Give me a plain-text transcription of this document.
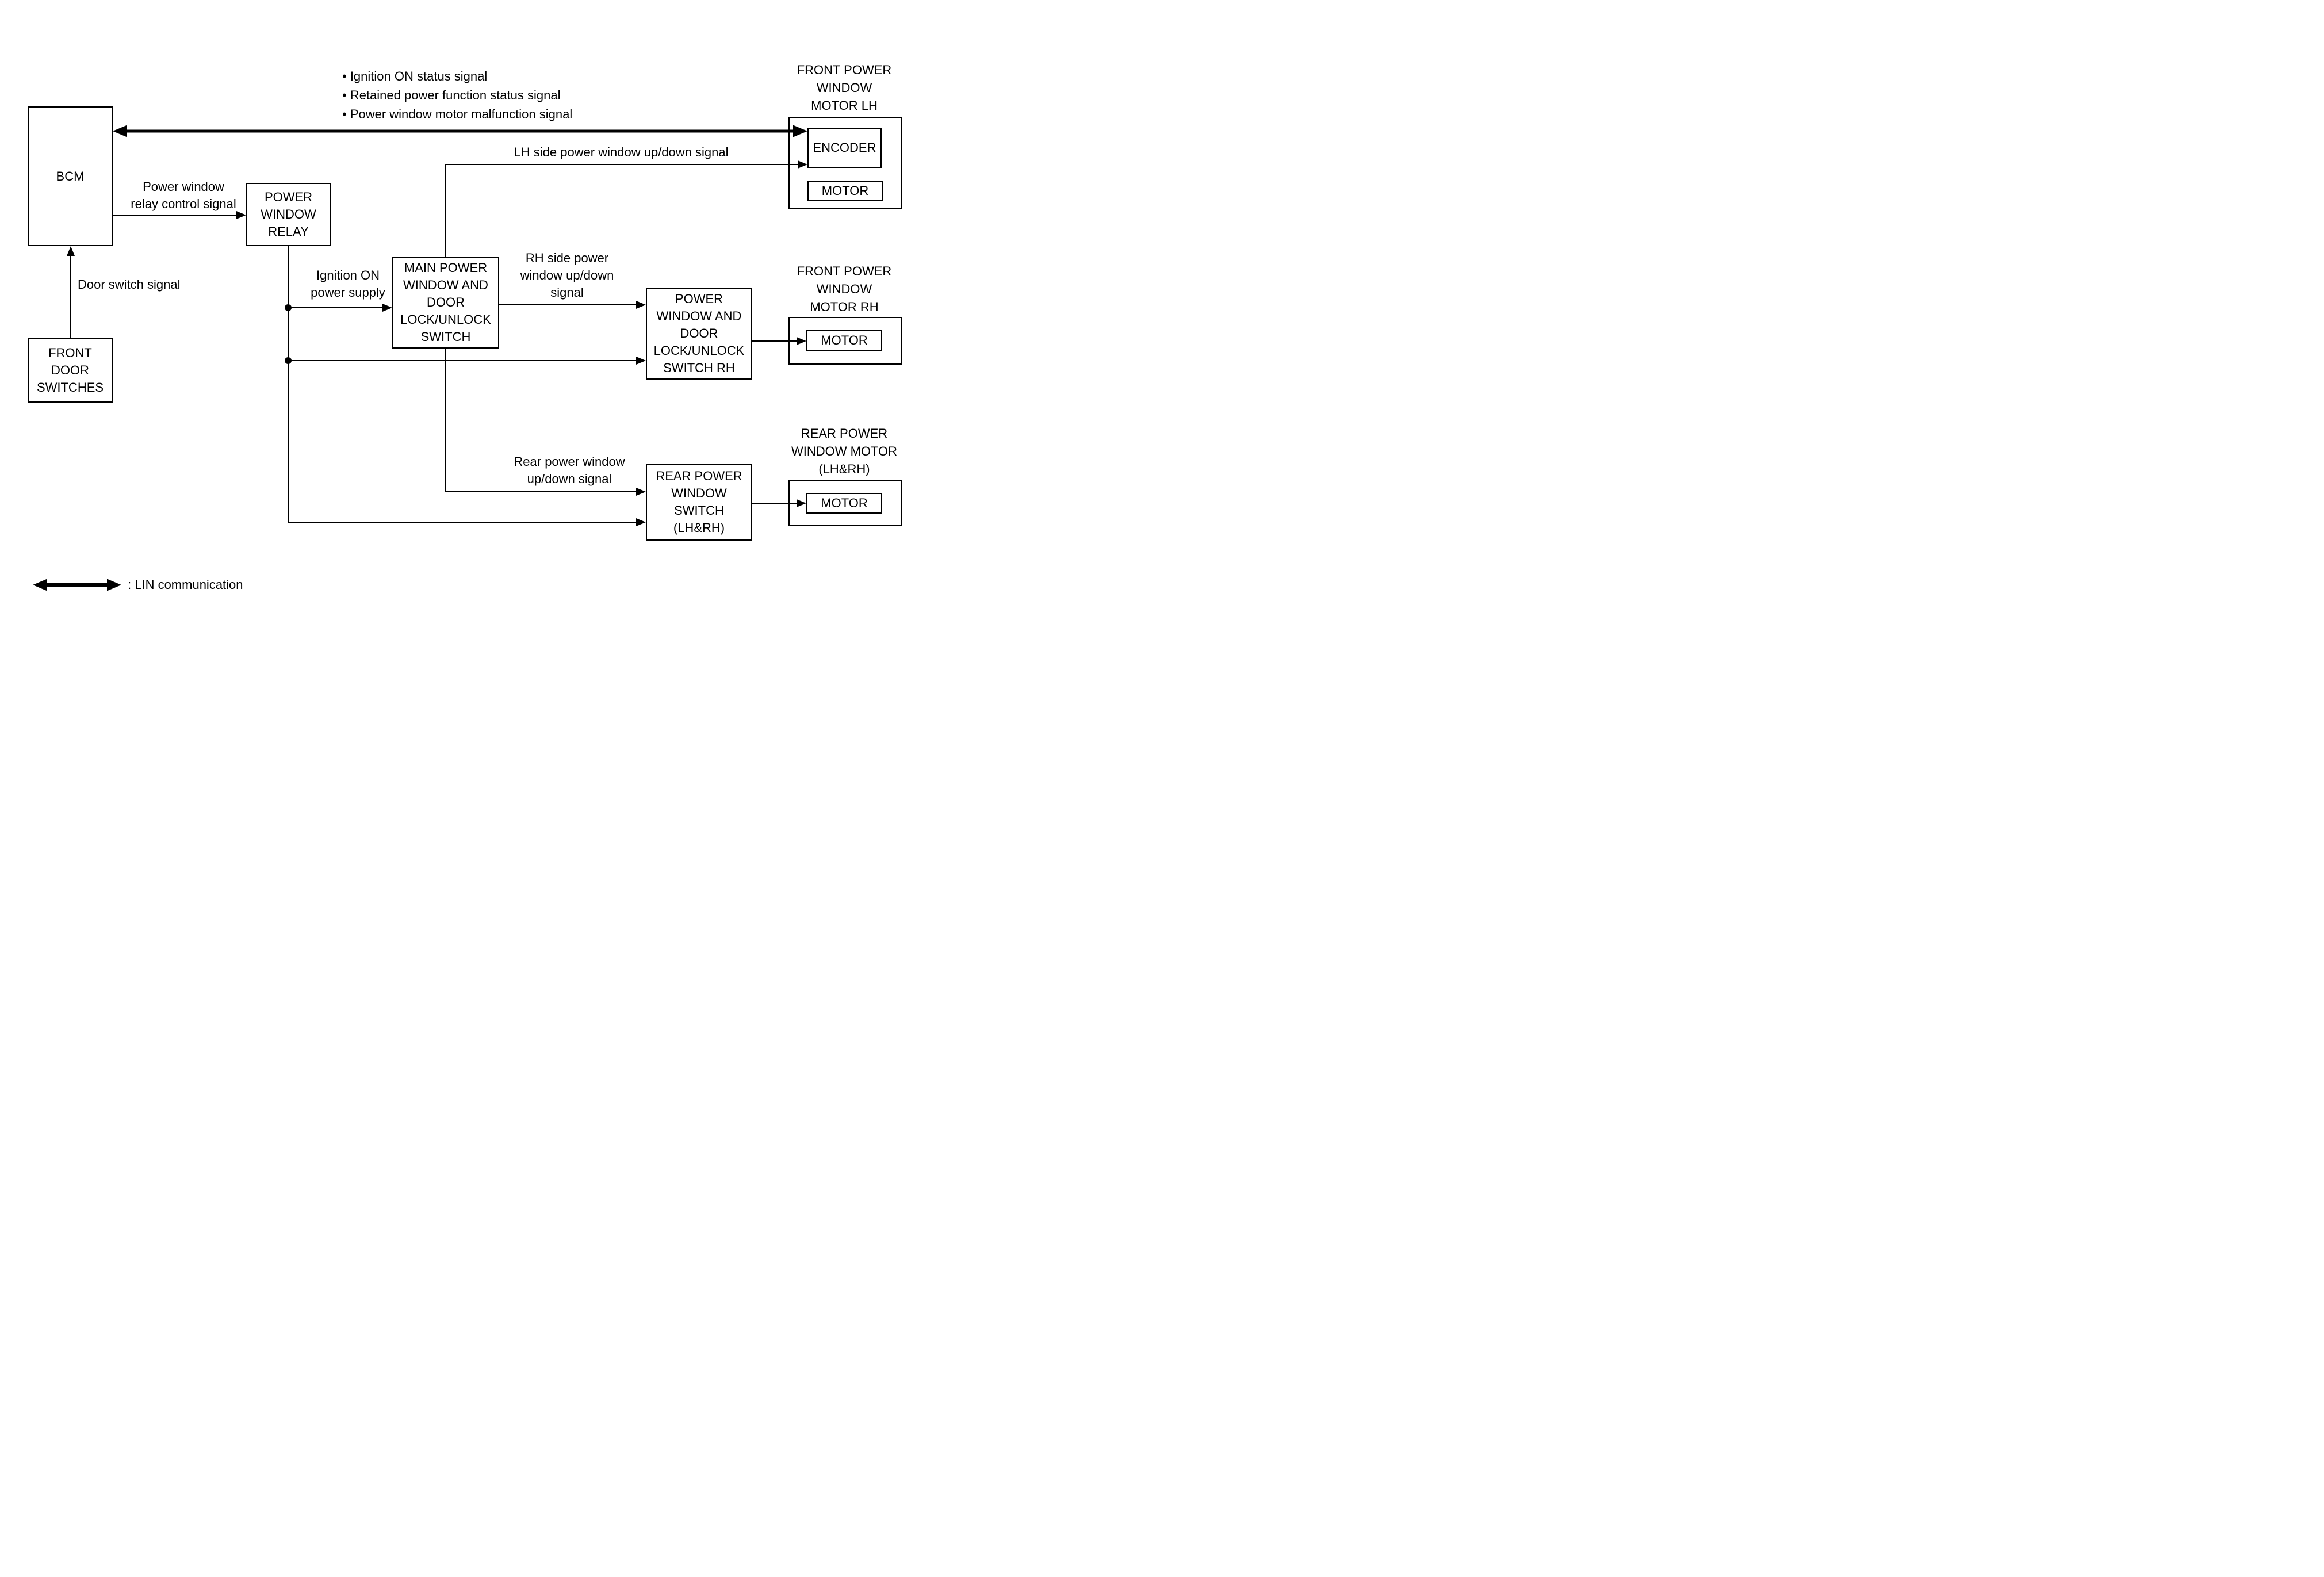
BCM
FRONT
DOOR
SWITCHES
POWER
WINDOW
RELAY
MAIN POWER
WINDOW AND
DOOR
LOCK/UNLOCK
SWITCH
POWER
WINDOW AND
DOOR
LOCK/UNLOCK
SWITCH RH
REAR POWER
WINDOW
SWITCH
(LH&RH)
FRONT POWER
WINDOW
MOTOR LH
ENCODER
MOTOR
FRONT POWER
WINDOW
MOTOR RH
MOTOR
REAR POWER
WINDOW MOTOR
(LH&RH)
MOTOR
• Ignition ON status signal
• Retained power function status signal
• Power window motor malfunction signal
LH side power window up/down signal
Power window
relay control signal
Door switch signal
Ignition ON
power supply
RH side power
window up/down
signal
Rear power window
up/down signal
: LIN communication
